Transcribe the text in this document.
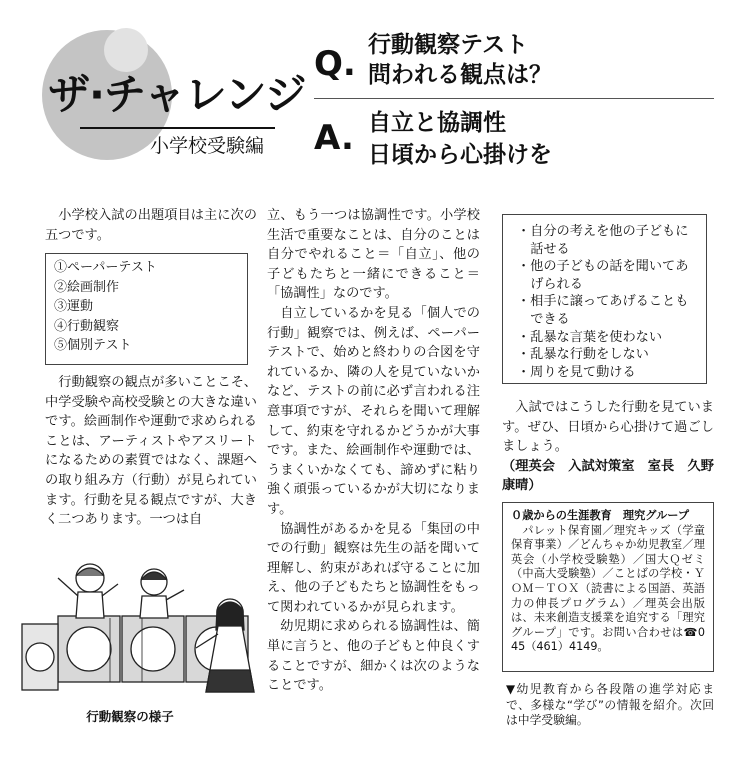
ザ·チャレンジ
小学校受験編
Q. 行動観察テスト
問われる観点は？
A. 自立と協調性
日頃から心掛けを

小学校入試の出題項目は主に次の五つです。

①ペーパーテスト
②絵画制作
③運動
④行動観察
⑤個別テスト

行動観察の観点が多いことこそ、中学受験や高校受験との大きな違いです。絵画制作や運動で求められることは、アーティストやアスリートになるための素質ではなく、課題への取り組み方（行動）が見られています。行動を見る観点ですが、大きく二つあります。一つは自

行動観察の様子

立、もう一つは協調性です。小学校生活で重要なことは、自分のことは自分でやれること＝「自立」、他の子どもたちと一緒にできること＝「協調性」なのです。

自立しているかを見る「個人での行動」観察では、例えば、ペーパーテストで、始めと終わりの合図を守れているか、隣の人を見ていないかなど、テストの前に必ず言われる注意事項ですが、それらを聞いて理解して、約束を守れるかどうかが大事です。また、絵画制作や運動では、うまくいかなくても、諦めずに粘り強く頑張っているかが大切になります。

協調性があるかを見る「集団の中での行動」観察は先生の話を聞いて理解し、約束があれば守ることに加え、他の子どもたちと協調性をもって関われているかが見られます。

幼児期に求められる協調性は、簡単に言うと、他の子どもと仲良くすることですが、細かくは次のようなことです。

・自分の考えを他の子どもに話せる
・他の子どもの話を聞いてあげられる
・相手に譲ってあげることもできる
・乱暴な言葉を使わない
・乱暴な行動をしない
・周りを見て動ける

入試ではこうした行動を見ています。ぜひ、日頃から心掛けて過ごしましょう。

（理英会　入試対策室　室長　久野康晴）

０歳からの生涯教育　理究グループ
パレット保育園／理究キッズ（学童保育事業）／どんちゃか幼児教室／理英会（小学校受験塾）／国大Ｑゼミ（中高大受験塾）／ことばの学校・ＹＯＭ－ＴＯＸ（読書による国語、英語力の伸長プログラム）／理英会出版は、未来創造支援業を追究する「理究グループ」です。お問い合わせは☎045（461）4149。
▼幼児教育から各段階の進学対応まで、多様な“学び”の情報を紹介。次回は中学受験編。
